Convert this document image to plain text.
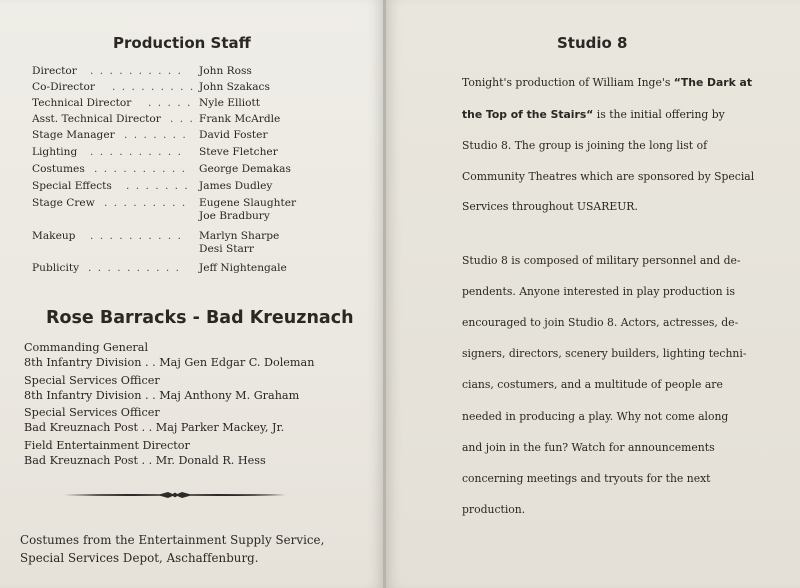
Production Staff
Director . . . . . . . . . . John Ross
Co-Director . . . . . . . . . John Szakacs
Technical Director . . . . . Nyle Elliott
Asst. Technical Director . . . Frank McArdle
Stage Manager . . . . . . . David Foster
Lighting . . . . . . . . . . Steve Fletcher
Costumes . . . . . . . . . . George Demakas
Special Effects . . . . . . . James Dudley
Stage Crew . . . . . . . . . Eugene Slaughter
Joe Bradbury
Makeup . . . . . . . . . . Marlyn Sharpe
Desi Starr
Publicity . . . . . . . . . . Jeff Nightengale
Rose Barracks - Bad Kreuznach
Commanding General
8th Infantry Division . . Maj Gen Edgar C. Doleman
Special Services Officer
8th Infantry Division . . Maj Anthony M. Graham
Special Services Officer
Bad Kreuznach Post . . Maj Parker Mackey, Jr.
Field Entertainment Director
Bad Kreuznach Post . . Mr. Donald R. Hess
Costumes from the Entertainment Supply Service,
Special Services Depot, Aschaffenburg.
Studio 8
Tonight's production of William Inge's “The Dark at
the Top of the Stairs“ is the initial offering by
Studio 8. The group is joining the long list of
Community Theatres which are sponsored by Special
Services throughout USAREUR.
Studio 8 is composed of military personnel and de-
pendents. Anyone interested in play production is
encouraged to join Studio 8. Actors, actresses, de-
signers, directors, scenery builders, lighting techni-
cians, costumers, and a multitude of people are
needed in producing a play. Why not come along
and join in the fun? Watch for announcements
concerning meetings and tryouts for the next
production.
